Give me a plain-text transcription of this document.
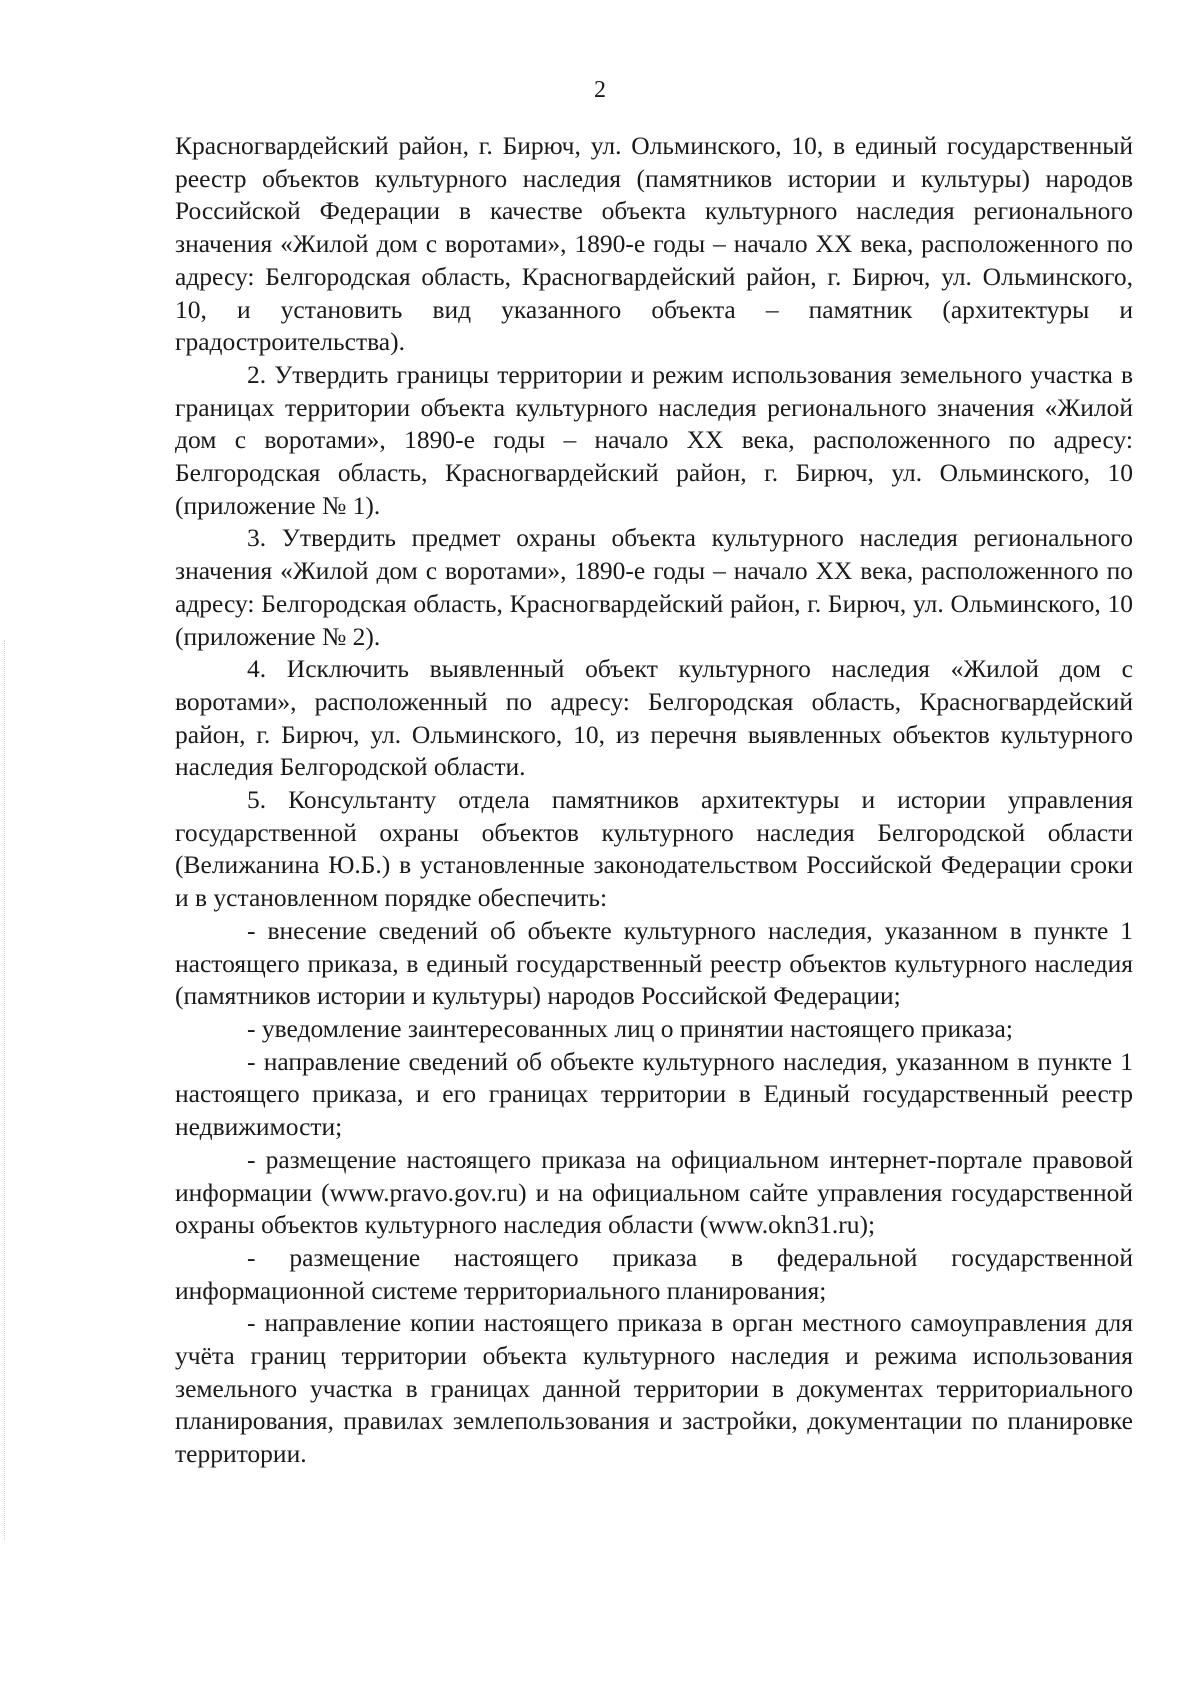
2

Красногвардейский район, г. Бирюч, ул. Ольминского, 10, в единый государственный реестр объектов культурного наследия (памятников истории и культуры) народов Российской Федерации в качестве объекта культурного наследия регионального значения «Жилой дом с воротами», 1890-е годы – начало XX века, расположенного по адресу: Белгородская область, Красногвардейский район, г. Бирюч, ул. Ольминского, 10, и установить вид указанного объекта – памятник (архитектуры и градостроительства).

2. Утвердить границы территории и режим использования земельного участка в границах территории объекта культурного наследия регионального значения «Жилой дом с воротами», 1890-е годы – начало XX века, расположенного по адресу: Белгородская область, Красногвардейский район, г. Бирюч, ул. Ольминского, 10 (приложение № 1).

3. Утвердить предмет охраны объекта культурного наследия регионального значения «Жилой дом с воротами», 1890-е годы – начало XX века, расположенного по адресу: Белгородская область, Красногвардейский район, г. Бирюч, ул. Ольминского, 10 (приложение № 2).

4. Исключить выявленный объект культурного наследия «Жилой дом с воротами», расположенный по адресу: Белгородская область, Красногвардейский район, г. Бирюч, ул. Ольминского, 10, из перечня выявленных объектов культурного наследия Белгородской области.

5. Консультанту отдела памятников архитектуры и истории управления государственной охраны объектов культурного наследия Белгородской области (Велижанина Ю.Б.) в установленные законодательством Российской Федерации сроки и в установленном порядке обеспечить:

- внесение сведений об объекте культурного наследия, указанном в пункте 1 настоящего приказа, в единый государственный реестр объектов культурного наследия (памятников истории и культуры) народов Российской Федерации;

- уведомление заинтересованных лиц о принятии настоящего приказа;

- направление сведений об объекте культурного наследия, указанном в пункте 1 настоящего приказа, и его границах территории в Единый государственный реестр недвижимости;

- размещение настоящего приказа на официальном интернет-портале правовой информации (www.pravo.gov.ru) и на официальном сайте управления государственной охраны объектов культурного наследия области (www.okn31.ru);

- размещение настоящего приказа в федеральной государственной информационной системе территориального планирования;

- направление копии настоящего приказа в орган местного самоуправления для учёта границ территории объекта культурного наследия и режима использования земельного участка в границах данной территории в документах территориального планирования, правилах землепользования и застройки, документации по планировке территории.
